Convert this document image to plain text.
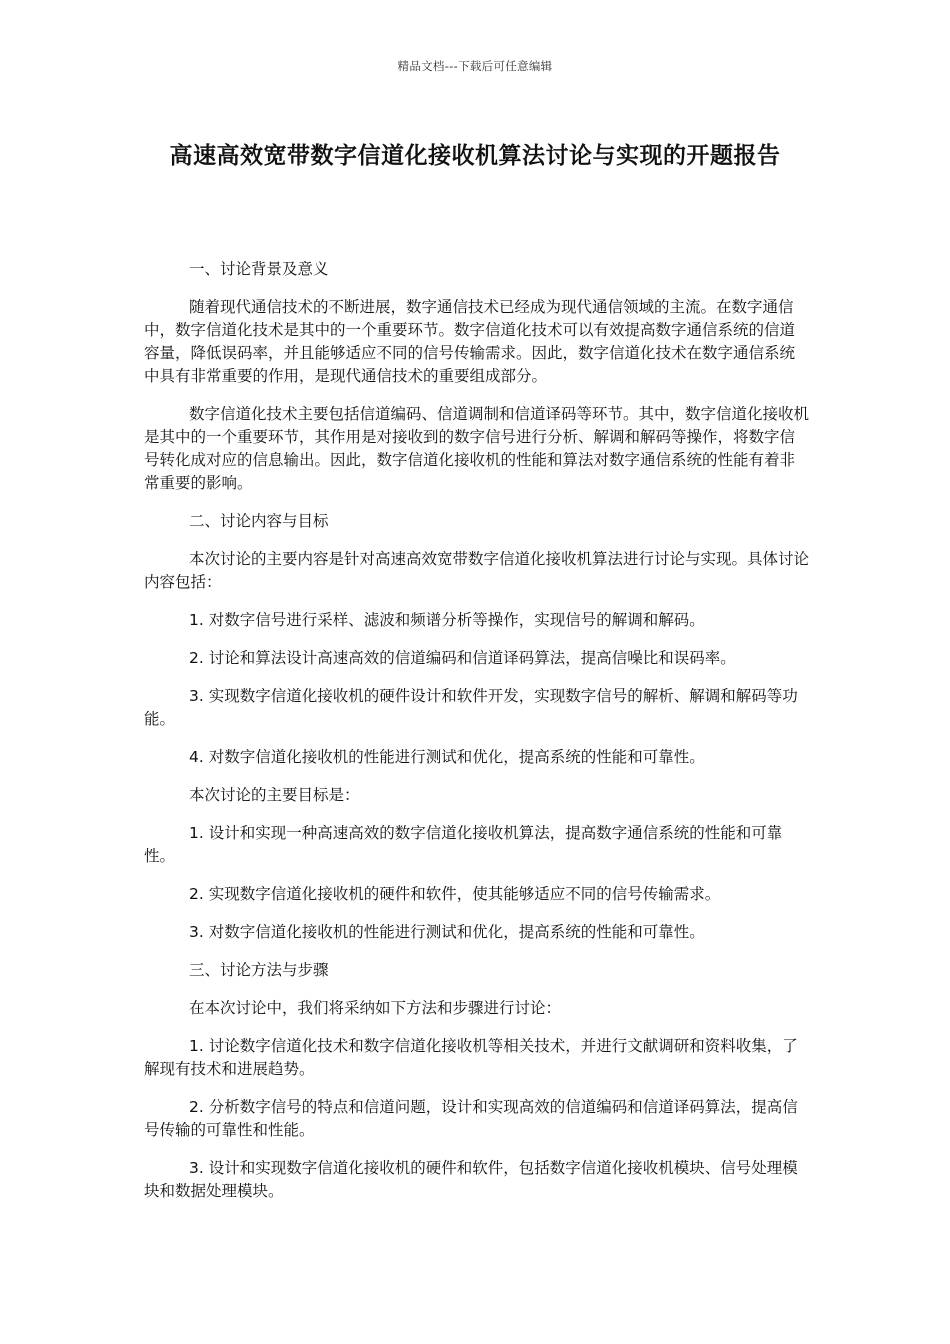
精品文档---下载后可任意编辑
高速高效宽带数字信道化接收机算法讨论与实现的开题报告

一、讨论背景及意义

随着现代通信技术的不断进展，数字通信技术已经成为现代通信领域的主流。在数字通信中，数字信道化技术是其中的一个重要环节。数字信道化技术可以有效提高数字通信系统的信道容量，降低误码率，并且能够适应不同的信号传输需求。因此，数字信道化技术在数字通信系统中具有非常重要的作用，是现代通信技术的重要组成部分。

数字信道化技术主要包括信道编码、信道调制和信道译码等环节。其中，数字信道化接收机是其中的一个重要环节，其作用是对接收到的数字信号进行分析、解调和解码等操作，将数字信号转化成对应的信息输出。因此，数字信道化接收机的性能和算法对数字通信系统的性能有着非常重要的影响。

二、讨论内容与目标

本次讨论的主要内容是针对高速高效宽带数字信道化接收机算法进行讨论与实现。具体讨论内容包括：

1. 对数字信号进行采样、滤波和频谱分析等操作，实现信号的解调和解码。

2. 讨论和算法设计高速高效的信道编码和信道译码算法，提高信噪比和误码率。

3. 实现数字信道化接收机的硬件设计和软件开发，实现数字信号的解析、解调和解码等功能。

4. 对数字信道化接收机的性能进行测试和优化，提高系统的性能和可靠性。

本次讨论的主要目标是：

1. 设计和实现一种高速高效的数字信道化接收机算法，提高数字通信系统的性能和可靠性。

2. 实现数字信道化接收机的硬件和软件，使其能够适应不同的信号传输需求。

3. 对数字信道化接收机的性能进行测试和优化，提高系统的性能和可靠性。

三、讨论方法与步骤

在本次讨论中，我们将采纳如下方法和步骤进行讨论：

1. 讨论数字信道化技术和数字信道化接收机等相关技术，并进行文献调研和资料收集，了解现有技术和进展趋势。

2. 分析数字信号的特点和信道问题，设计和实现高效的信道编码和信道译码算法，提高信号传输的可靠性和性能。

3. 设计和实现数字信道化接收机的硬件和软件，包括数字信道化接收机模块、信号处理模块和数据处理模块。
